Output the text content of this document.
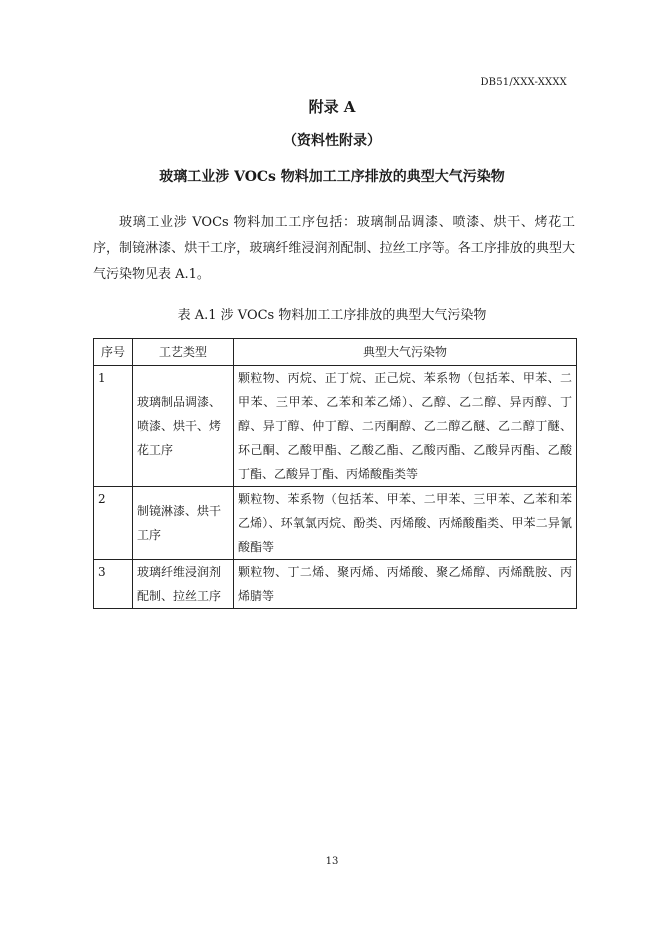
DB51/XXX-XXXX
附录 A
（资料性附录）
玻璃工业涉 VOCs 物料加工工序排放的典型大气污染物

玻璃工业涉 VOCs 物料加工工序包括：玻璃制品调漆、喷漆、烘干、烤花工序，制镜淋漆、烘干工序，玻璃纤维浸润剂配制、拉丝工序等。各工序排放的典型大气污染物见表 A.1。

表 A.1 涉 VOCs 物料加工工序排放的典型大气污染物
序号	工艺类型	典型大气污染物
1	玻璃制品调漆、喷漆、烘干、烤花工序	颗粒物、丙烷、正丁烷、正己烷、苯系物（包括苯、甲苯、二甲苯、三甲苯、乙苯和苯乙烯）、乙醇、乙二醇、异丙醇、丁醇、异丁醇、仲丁醇、二丙酮醇、乙二醇乙醚、乙二醇丁醚、环己酮、乙酸甲酯、乙酸乙酯、乙酸丙酯、乙酸异丙酯、乙酸丁酯、乙酸异丁酯、丙烯酸酯类等
2	制镜淋漆、烘干工序	颗粒物、苯系物（包括苯、甲苯、二甲苯、三甲苯、乙苯和苯乙烯）、环氧氯丙烷、酚类、丙烯酸、丙烯酸酯类、甲苯二异氰酸酯等
3	玻璃纤维浸润剂配制、拉丝工序	颗粒物、丁二烯、聚丙烯、丙烯酸、聚乙烯醇、丙烯酰胺、丙烯腈等
13
